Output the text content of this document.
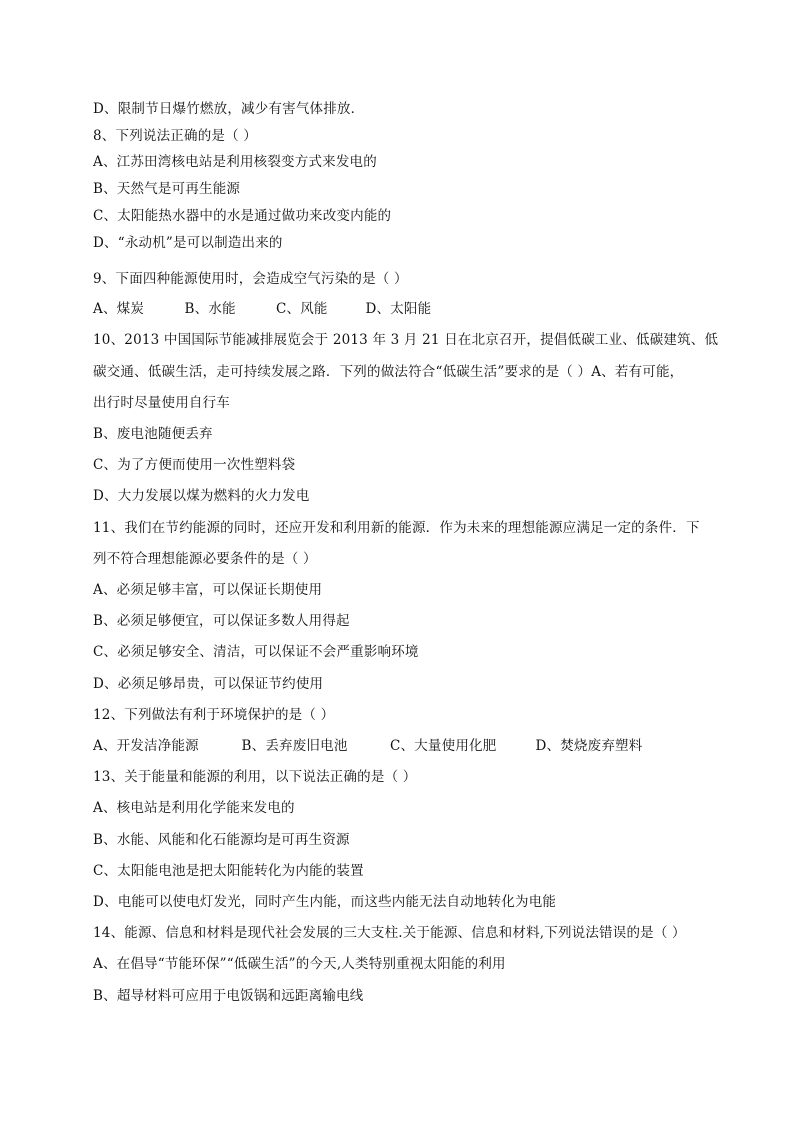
D、限制节日爆竹燃放，减少有害气体排放．
8、下列说法正确的是（ ）
A、江苏田湾核电站是利用核裂变方式来发电的
B、天然气是可再生能源
C、太阳能热水器中的水是通过做功来改变内能的
D、“永动机”是可以制造出来的
9、下面四种能源使用时，会造成空气污染的是（ ）
A、煤炭	B、水能	C、风能	D、太阳能
10、2013 中国国际节能减排展览会于 2013 年 3 月 21 日在北京召开，提倡低碳工业、低碳建筑、低
碳交通、低碳生活，走可持续发展之路．下列的做法符合“低碳生活”要求的是（ ）A、若有可能，
出行时尽量使用自行车
B、废电池随便丢弃
C、为了方便而使用一次性塑料袋
D、大力发展以煤为燃料的火力发电
11、我们在节约能源的同时，还应开发和利用新的能源．作为未来的理想能源应满足一定的条件．下
列不符合理想能源必要条件的是（ ）
A、必须足够丰富，可以保证长期使用
B、必须足够便宜，可以保证多数人用得起
C、必须足够安全、清洁，可以保证不会严重影响环境
D、必须足够昂贵，可以保证节约使用
12、下列做法有利于环境保护的是（ ）
A、开发洁净能源	B、丢弃废旧电池	C、大量使用化肥	D、焚烧废弃塑料
13、关于能量和能源的利用，以下说法正确的是（ ）
A、核电站是利用化学能来发电的
B、水能、风能和化石能源均是可再生资源
C、太阳能电池是把太阳能转化为内能的装置
D、电能可以使电灯发光，同时产生内能，而这些内能无法自动地转化为电能
14、能源、信息和材料是现代社会发展的三大支柱.关于能源、信息和材料,下列说法错误的是（ ）
A、在倡导“节能环保”“低碳生活”的今天,人类特别重视太阳能的利用
B、超导材料可应用于电饭锅和远距离输电线
